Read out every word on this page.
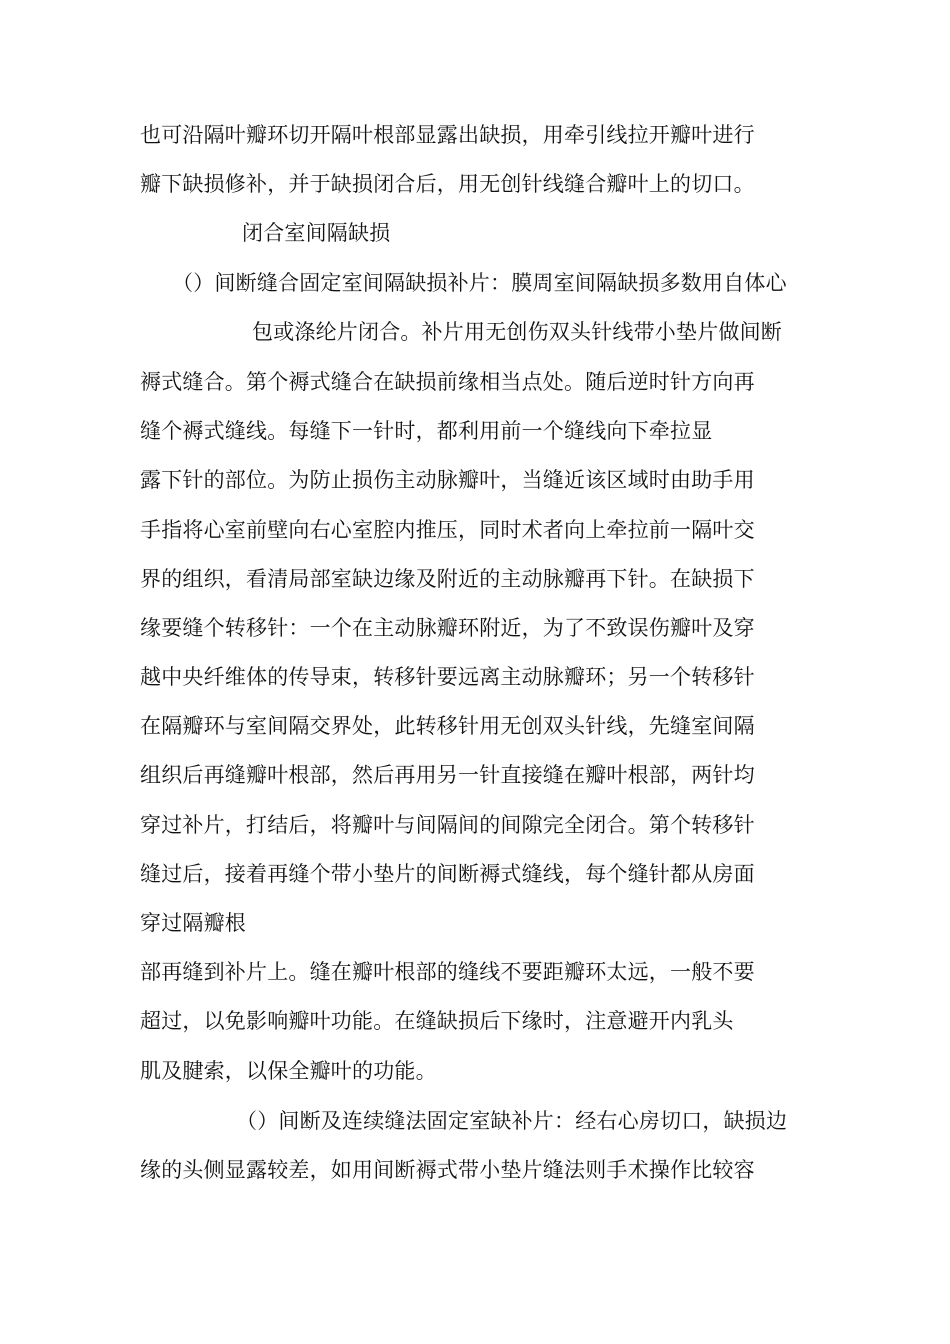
也可沿隔叶瓣环切开隔叶根部显露出缺损，用牵引线拉开瓣叶进行
瓣下缺损修补，并于缺损闭合后，用无创针线缝合瓣叶上的切口。
闭合室间隔缺损
（）间断缝合固定室间隔缺损补片：膜周室间隔缺损多数用自体心
包或涤纶片闭合。补片用无创伤双头针线带小垫片做间断
褥式缝合。第个褥式缝合在缺损前缘相当点处。随后逆时针方向再
缝个褥式缝线。每缝下一针时，都利用前一个缝线向下牵拉显
露下针的部位。为防止损伤主动脉瓣叶，当缝近该区域时由助手用
手指将心室前壁向右心室腔内推压，同时术者向上牵拉前一隔叶交
界的组织，看清局部室缺边缘及附近的主动脉瓣再下针。在缺损下
缘要缝个转移针：一个在主动脉瓣环附近，为了不致误伤瓣叶及穿
越中央纤维体的传导束，转移针要远离主动脉瓣环；另一个转移针
在隔瓣环与室间隔交界处，此转移针用无创双头针线，先缝室间隔
组织后再缝瓣叶根部，然后再用另一针直接缝在瓣叶根部，两针均
穿过补片，打结后，将瓣叶与间隔间的间隙完全闭合。第个转移针
缝过后，接着再缝个带小垫片的间断褥式缝线，每个缝针都从房面
穿过隔瓣根
部再缝到补片上。缝在瓣叶根部的缝线不要距瓣环太远，一般不要
超过，以免影响瓣叶功能。在缝缺损后下缘时，注意避开内乳头
肌及腱索，以保全瓣叶的功能。
（）间断及连续缝法固定室缺补片：经右心房切口，缺损边
缘的头侧显露较差，如用间断褥式带小垫片缝法则手术操作比较容
